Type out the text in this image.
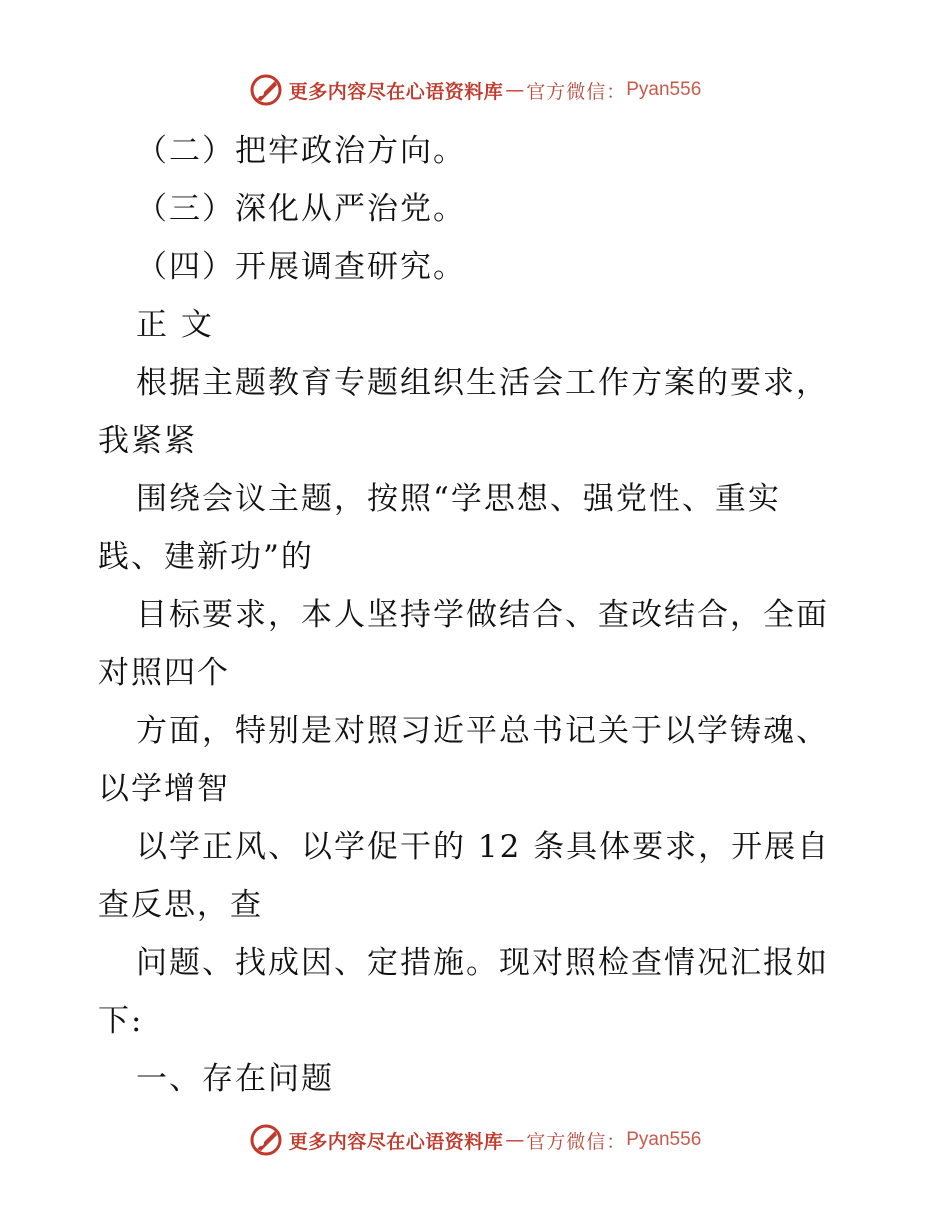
更多内容尽在心语资料库 — 官方微信： Pyan556
（二）把牢政治方向。
（三）深化从严治党。
（四）开展调查研究。
正 文
根据主题教育专题组织生活会工作方案的要求，
我紧紧
围绕会议主题，按照“学思想、强党性、重实
践、建新功”的
目标要求，本人坚持学做结合、查改结合，全面
对照四个
方面，特别是对照习近平总书记关于以学铸魂、
以学增智
以学正风、以学促干的 12 条具体要求，开展自
查反思，查
问题、找成因、定措施。现对照检查情况汇报如
下:
一、存在问题
更多内容尽在心语资料库 — 官方微信： Pyan556
